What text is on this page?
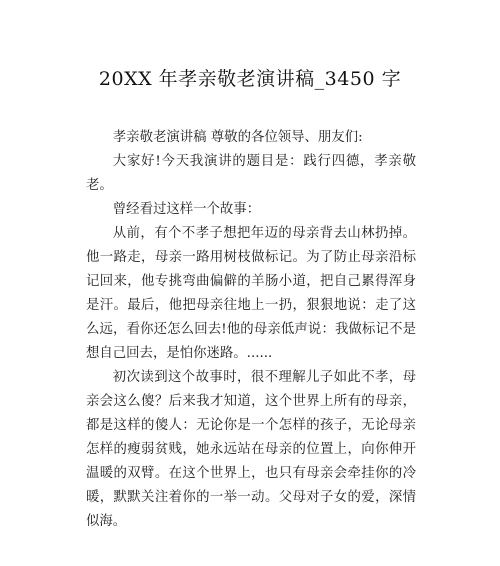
20XX 年孝亲敬老演讲稿_3450 字

孝亲敬老演讲稿 尊敬的各位领导、朋友们:

大家好!今天我演讲的题目是：践行四德，孝亲敬老。

曾经看过这样一个故事：

从前，有个不孝子想把年迈的母亲背去山林扔掉。他一路走，母亲一路用树枝做标记。为了防止母亲沿标记回来，他专挑弯曲偏僻的羊肠小道，把自己累得浑身是汗。最后，他把母亲往地上一扔，狠狠地说：走了这么远，看你还怎么回去!他的母亲低声说：我做标记不是想自己回去，是怕你迷路。......

初次读到这个故事时，很不理解儿子如此不孝，母亲会这么傻？后来我才知道，这个世界上所有的母亲，都是这样的傻人：无论你是一个怎样的孩子，无论母亲怎样的瘦弱贫贱，她永远站在母亲的位置上，向你伸开温暖的双臂。在这个世界上，也只有母亲会牵挂你的冷暖，默默关注着你的一举一动。父母对子女的爱，深情似海。
